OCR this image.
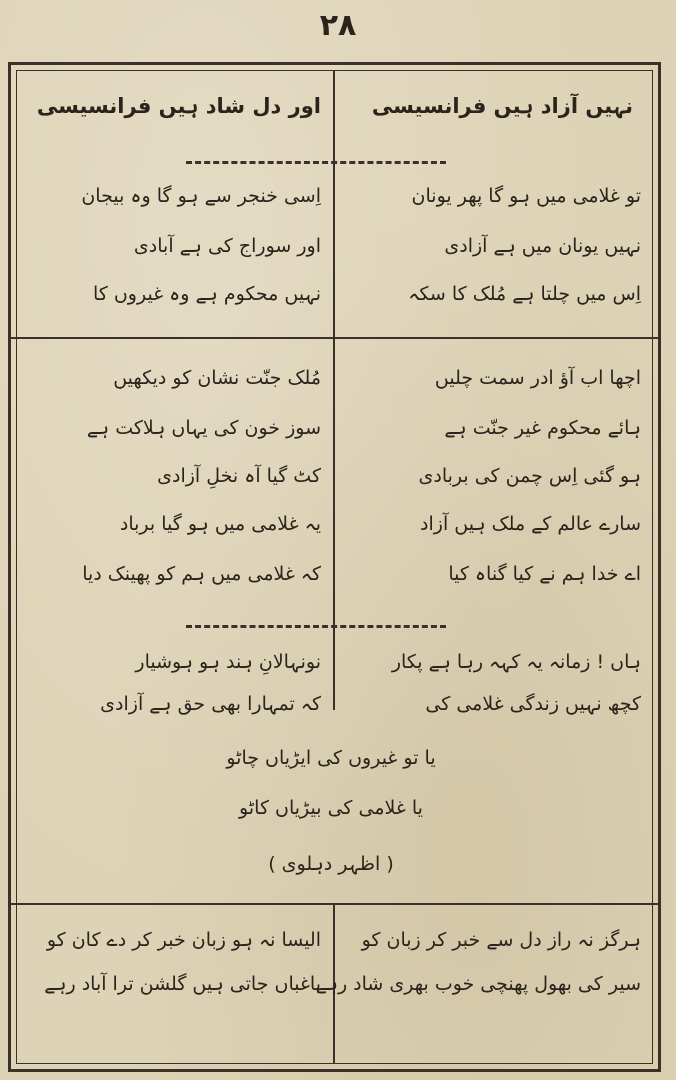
۲۸
نہیں آزاد ہیں فرانسیسی
اور دل شاد ہیں فرانسیسی
تو غلامی میں ہو گا پھر یونان
نہیں یونان میں ہے آزادی
اِس میں چلتا ہے مُلک کا سکہ
اِسی خنجر سے ہو گا وہ بیجان
اور سوراج کی ہے آبادی
نہیں محکوم ہے وہ غیروں کا
اچھا اب آؤ ادر سمت چلیں
ہائے محکوم غیر جنّت ہے
ہو گئی اِس چمن کی بربادی
سارے عالم کے ملک ہیں آزاد
اے خدا ہم نے کیا گناہ کیا
مُلک جنّت نشان کو دیکھیں
سوز خون کی یہاں ہلاکت ہے
کٹ گیا آہ نخلِ آزادی
یہ غلامی میں ہو گیا برباد
کہ غلامی میں ہم کو پھینک دیا
ہاں ! زمانہ یہ کہہ رہا ہے پکار
کچھ نہیں زندگی غلامی کی
نونہالانِ ہند ہو ہوشیار
کہ تمہارا بھی حق ہے آزادی
یا تو غیروں کی ایڑیاں چاٹو
یا غلامی کی بیڑیاں کاٹو
( اظہر دہلوی )
ہرگز نہ راز دل سے خبر کر زبان کو
سیر کی بھول پھنچی خوب بھری شاد رہے
الیسا نہ ہو زبان خبر کر دے کان کو
باغباں جاتی ہیں گلشن ترا آباد رہے
